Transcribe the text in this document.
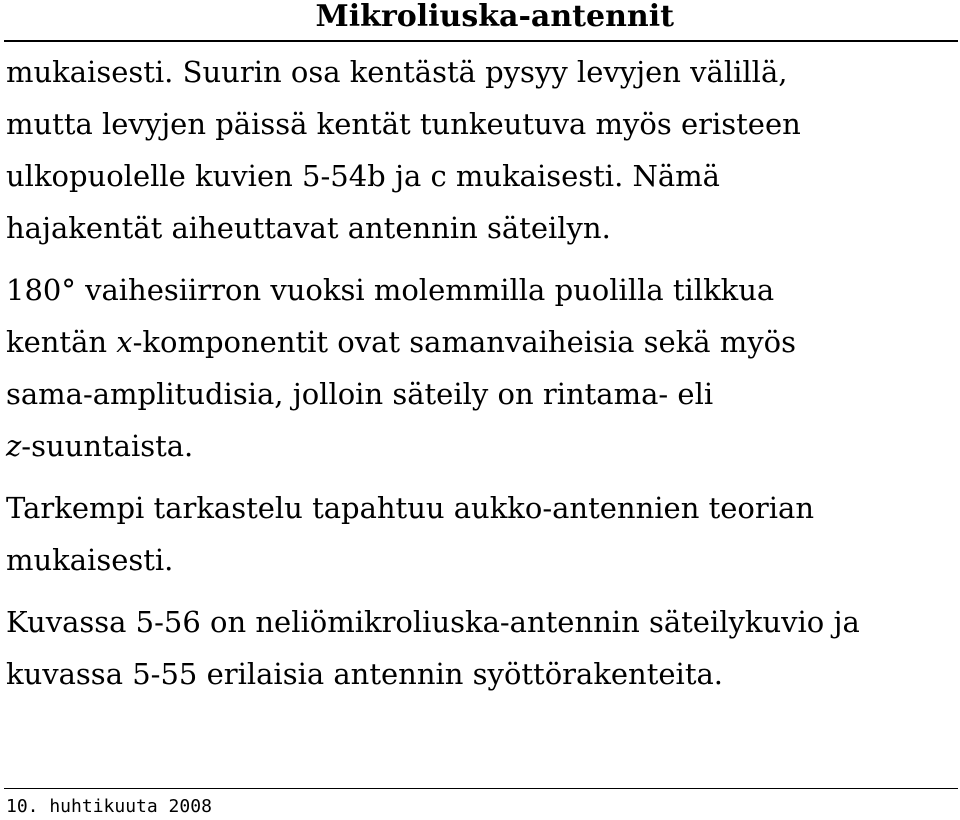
Mikroliuska-antennit

mukaisesti. Suurin osa kentästä pysyy levyjen välillä,
mutta levyjen päissä kentät tunkeutuva myös eristeen
ulkopuolelle kuvien 5-54b ja c mukaisesti. Nämä
hajakentät aiheuttavat antennin säteilyn.

180° vaihesiirron vuoksi molemmilla puolilla tilkkua
kentän x-komponentit ovat samanvaiheisia sekä myös
sama-amplitudisia, jolloin säteily on rintama- eli
z-suuntaista.

Tarkempi tarkastelu tapahtuu aukko-antennien teorian
mukaisesti.

Kuvassa 5-56 on neliömikroliuska-antennin säteilykuvio ja
kuvassa 5-55 erilaisia antennin syöttörakenteita.

10. huhtikuuta 2008
